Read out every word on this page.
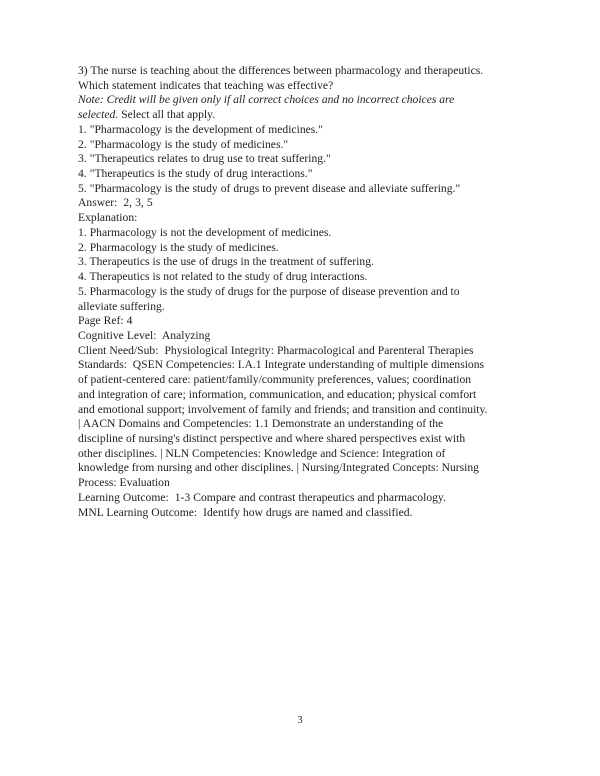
3) The nurse is teaching about the differences between pharmacology and therapeutics.
Which statement indicates that teaching was effective?
Note: Credit will be given only if all correct choices and no incorrect choices are selected. Select all that apply.
1. "Pharmacology is the development of medicines."
2. "Pharmacology is the study of medicines."
3. "Therapeutics relates to drug use to treat suffering."
4. "Therapeutics is the study of drug interactions."
5. "Pharmacology is the study of drugs to prevent disease and alleviate suffering."
Answer:  2, 3, 5
Explanation:
1. Pharmacology is not the development of medicines.
2. Pharmacology is the study of medicines.
3. Therapeutics is the use of drugs in the treatment of suffering.
4. Therapeutics is not related to the study of drug interactions.
5. Pharmacology is the study of drugs for the purpose of disease prevention and to alleviate suffering.
Page Ref: 4
Cognitive Level:  Analyzing
Client Need/Sub:  Physiological Integrity: Pharmacological and Parenteral Therapies
Standards:  QSEN Competencies: I.A.1 Integrate understanding of multiple dimensions of patient-centered care: patient/family/community preferences, values; coordination and integration of care; information, communication, and education; physical comfort and emotional support; involvement of family and friends; and transition and continuity. | AACN Domains and Competencies: 1.1 Demonstrate an understanding of the discipline of nursing's distinct perspective and where shared perspectives exist with other disciplines. | NLN Competencies: Knowledge and Science: Integration of knowledge from nursing and other disciplines. | Nursing/Integrated Concepts: Nursing Process: Evaluation
Learning Outcome:  1-3 Compare and contrast therapeutics and pharmacology.
MNL Learning Outcome:  Identify how drugs are named and classified.
3
